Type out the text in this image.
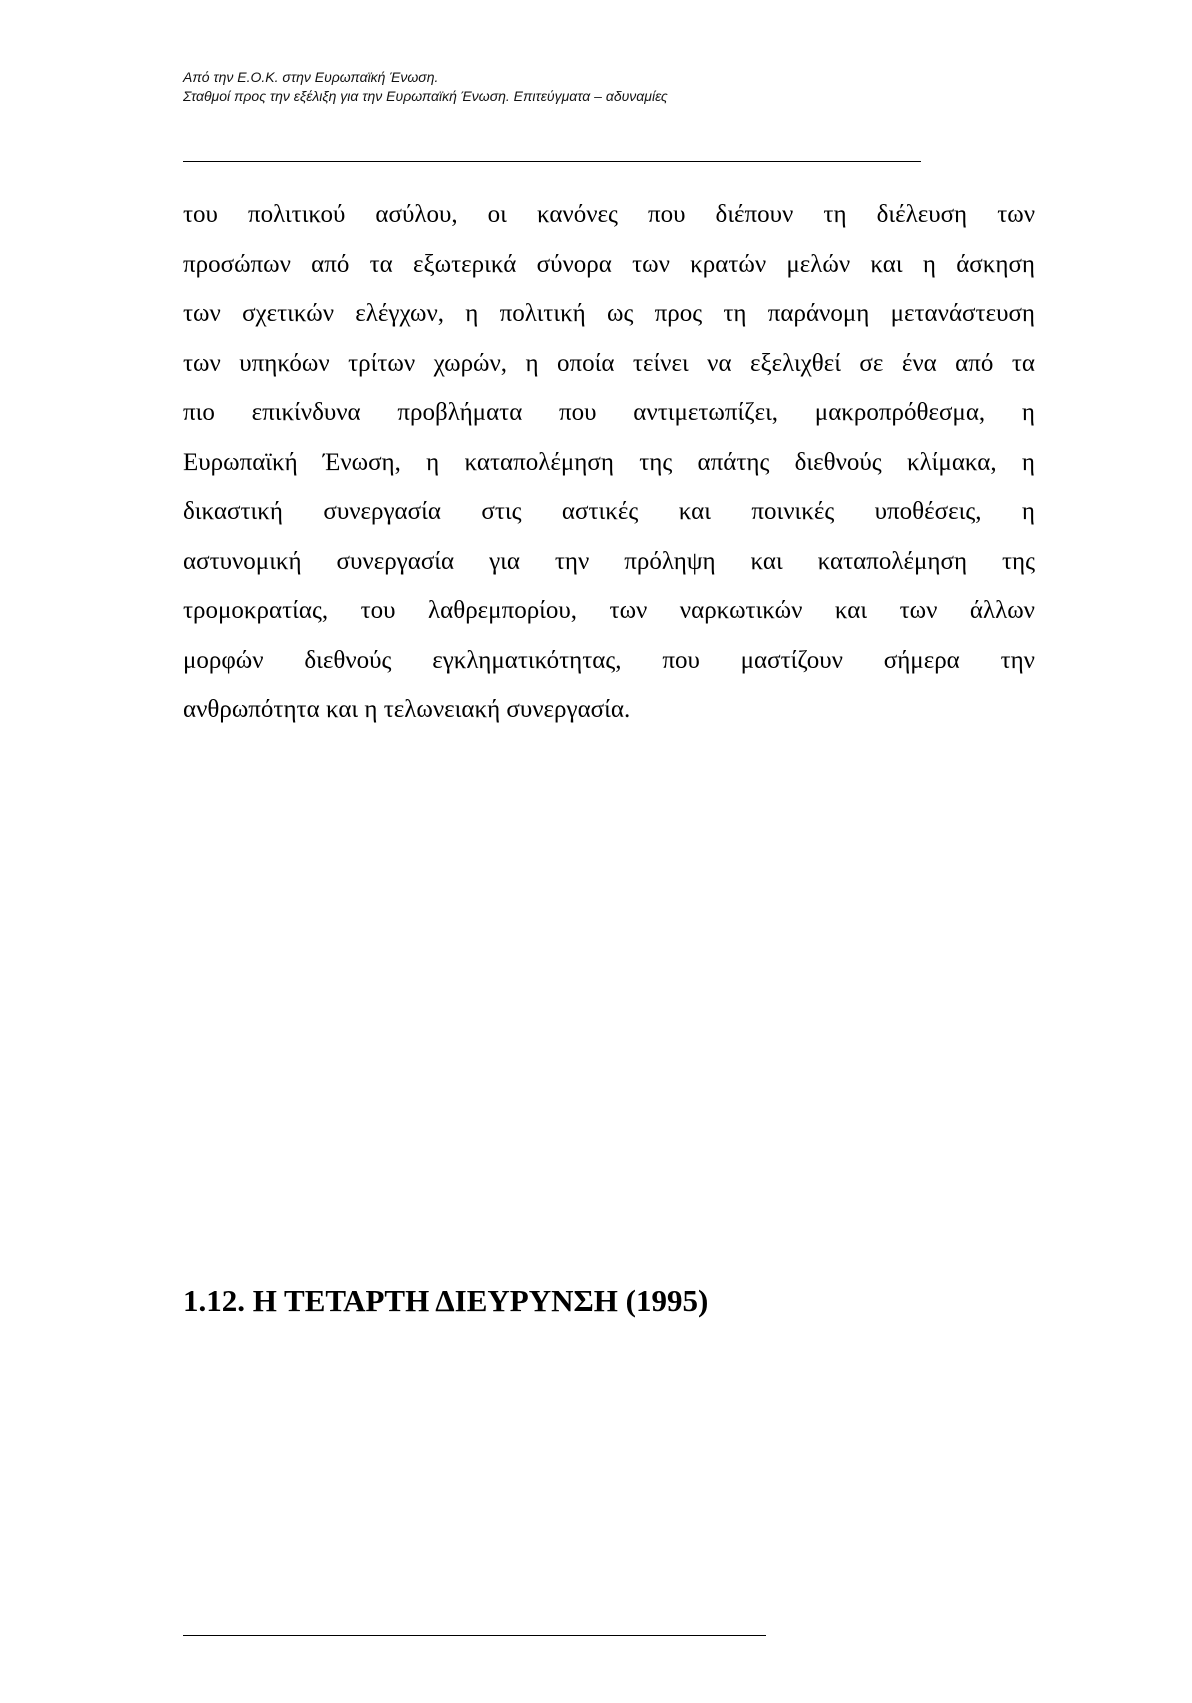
Από την Ε.Ο.Κ. στην Ευρωπαϊκή Ένωση.
Σταθμοί προς την εξέλιξη για την Ευρωπαϊκή Ένωση. Επιτεύγματα – αδυναμίες
του πολιτικού ασύλου, οι κανόνες που διέπουν τη διέλευση των
προσώπων από τα εξωτερικά σύνορα των κρατών μελών και η άσκηση
των σχετικών ελέγχων, η πολιτική ως προς τη παράνομη μετανάστευση
των υπηκόων τρίτων χωρών, η οποία τείνει να εξελιχθεί σε ένα από τα
πιο επικίνδυνα προβλήματα που αντιμετωπίζει, μακροπρόθεσμα, η
Ευρωπαϊκή Ένωση, η καταπολέμηση της απάτης διεθνούς κλίμακα, η
δικαστική συνεργασία στις αστικές και ποινικές υποθέσεις, η
αστυνομική συνεργασία για την πρόληψη και καταπολέμηση της
τρομοκρατίας, του λαθρεμπορίου, των ναρκωτικών και των άλλων
μορφών διεθνούς εγκληματικότητας, που μαστίζουν σήμερα την
ανθρωπότητα και η τελωνειακή συνεργασία.
1.12. Η ΤΕΤΑΡΤΗ ΔΙΕΥΡΥΝΣΗ (1995)
